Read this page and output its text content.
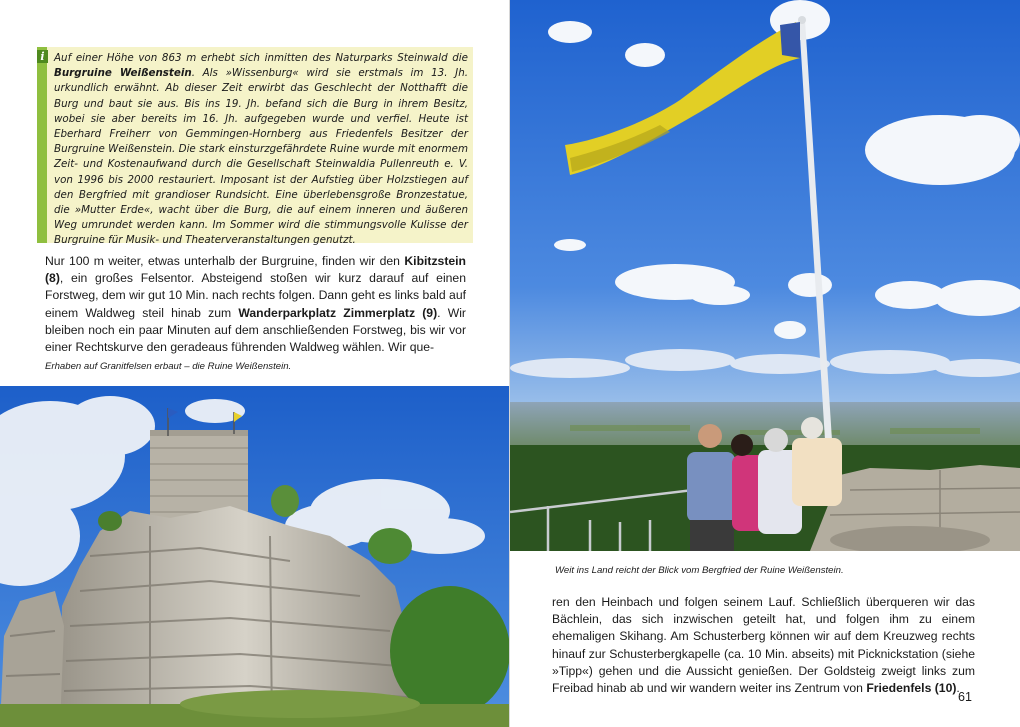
i Auf einer Höhe von 863 m erhebt sich inmitten des Naturparks Steinwald die Burgruine Weißenstein. Als »Wissenburg« wird sie erstmals im 13. Jh. urkundlich erwähnt. Ab dieser Zeit erwirbt das Geschlecht der Notthafft die Burg und baut sie aus. Bis ins 19. Jh. befand sich die Burg in ihrem Besitz, wobei sie aber bereits im 16. Jh. aufgegeben wurde und verfiel. Heute ist Eberhard Freiherr von Gemmingen-Hornberg aus Friedenfels Besitzer der Burgruine Weißenstein. Die stark einsturzgefährdete Ruine wurde mit enormem Zeit- und Kostenaufwand durch die Gesellschaft Steinwaldia Pullenreuth e. V. von 1996 bis 2000 restauriert. Imposant ist der Aufstieg über Holzstiegen auf den Bergfried mit grandioser Rundsicht. Eine überlebensgroße Bronzestatue, die »Mutter Erde«, wacht über die Burg, die auf einem inneren und äußeren Weg umrundet werden kann. Im Sommer wird die stimmungsvolle Kulisse der Burgruine für Musik- und Theaterveranstaltungen genutzt.

Nur 100 m weiter, etwas unterhalb der Burgruine, finden wir den Kibitzstein (8), ein großes Felsentor. Absteigend stoßen wir kurz darauf auf einen Forstweg, dem wir gut 10 Min. nach rechts folgen. Dann geht es links bald auf einem Waldweg steil hinab zum Wanderparkplatz Zimmerplatz (9). Wir bleiben noch ein paar Minuten auf dem anschließenden Forstweg, bis wir vor einer Rechtskurve den geradeaus führenden Waldweg wählen. Wir que-

Erhaben auf Granitfelsen erbaut – die Ruine Weißenstein.

Weit ins Land reicht der Blick vom Bergfried der Ruine Weißenstein.

ren den Heinbach und folgen seinem Lauf. Schließlich überqueren wir das Bächlein, das sich inzwischen geteilt hat, und folgen ihm zu einem ehemaligen Skihang. Am Schusterberg können wir auf dem Kreuzweg rechts hinauf zur Schusterbergkapelle (ca. 10 Min. abseits) mit Picknickstation (siehe »Tipp«) gehen und die Aussicht genießen. Der Goldsteig zweigt links zum Freibad hinab ab und wir wandern weiter ins Zentrum von Friedenfels (10).

61
